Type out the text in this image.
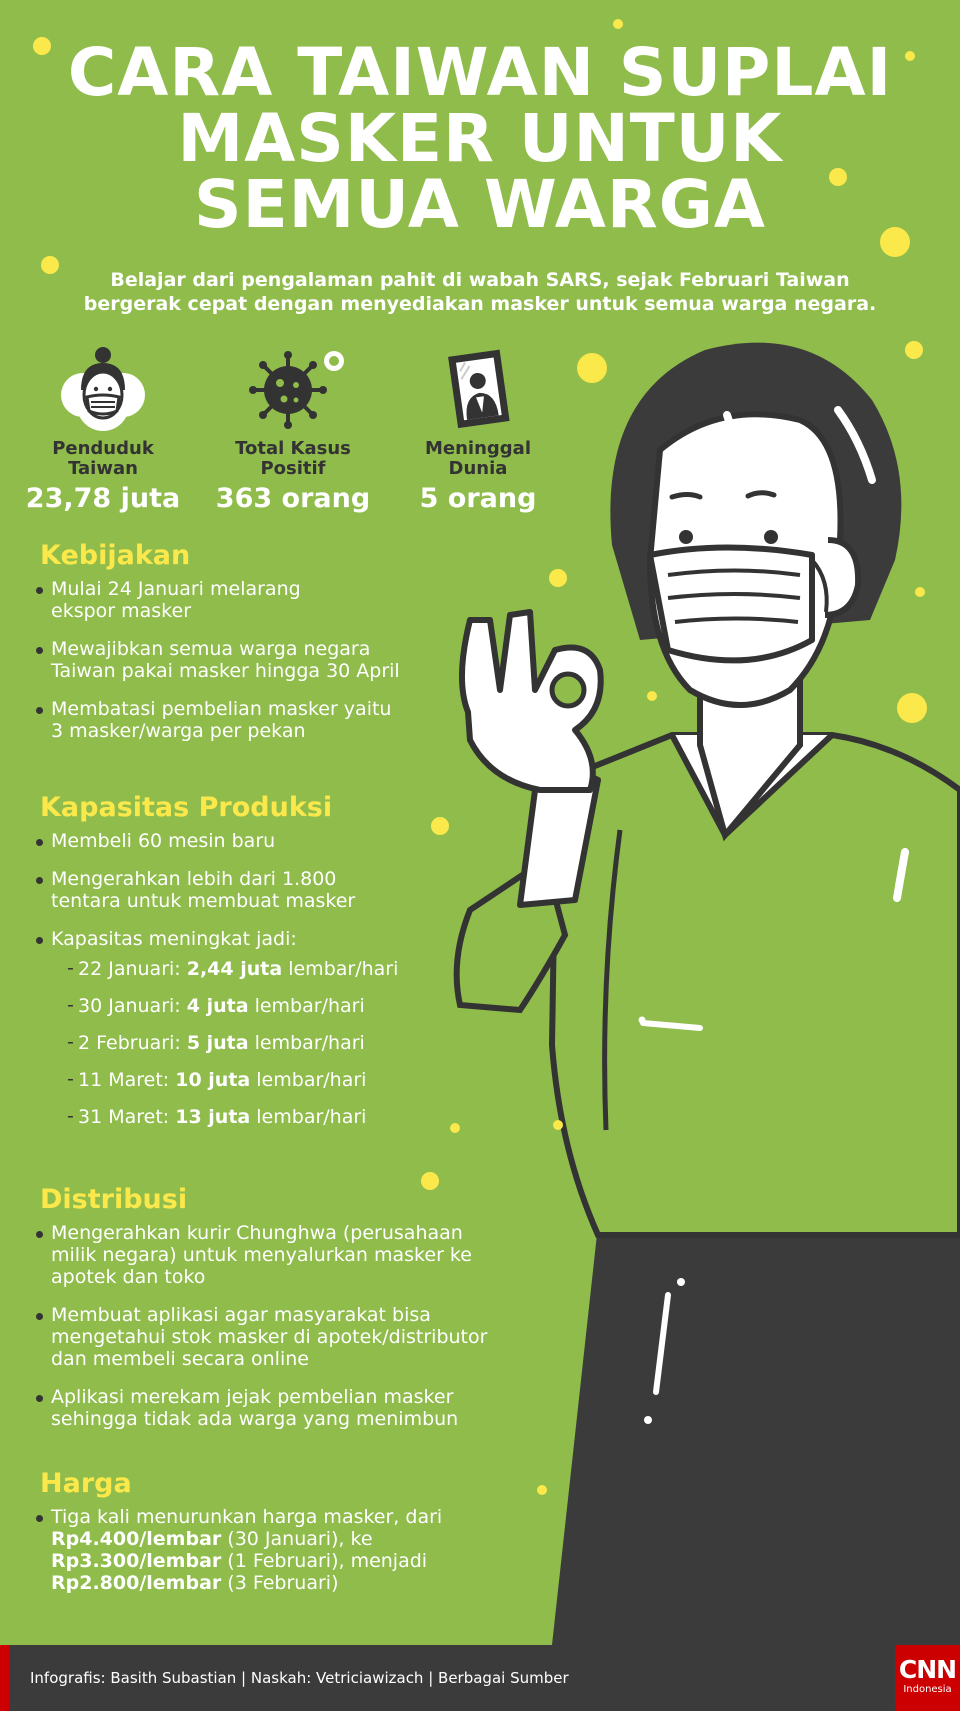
CARA TAIWAN SUPLAI
MASKER UNTUK
SEMUA WARGA
Belajar dari pengalaman pahit di wabah SARS, sejak Februari Taiwan bergerak cepat dengan menyediakan masker untuk semua warga negara.
Penduduk
Taiwan
23,78 juta
Total Kasus
Positif
363 orang
Meninggal
Dunia
5 orang
Kebijakan
Mulai 24 Januari melarang
ekspor masker
Mewajibkan semua warga negara
Taiwan pakai masker hingga 30 April
Membatasi pembelian masker yaitu
3 masker/warga per pekan
Kapasitas Produksi
Membeli 60 mesin baru
Mengerahkan lebih dari 1.800
tentara untuk membuat masker
Kapasitas meningkat jadi:
- 22 Januari: 2,44 juta lembar/hari
- 30 Januari: 4 juta lembar/hari
- 2 Februari: 5 juta lembar/hari
- 11 Maret: 10 juta lembar/hari
- 31 Maret: 13 juta lembar/hari
Distribusi
Mengerahkan kurir Chunghwa (perusahaan
milik negara) untuk menyalurkan masker ke
apotek dan toko
Membuat aplikasi agar masyarakat bisa
mengetahui stok masker di apotek/distributor
dan membeli secara online
Aplikasi merekam jejak pembelian masker
sehingga tidak ada warga yang menimbun
Harga
Tiga kali menurunkan harga masker, dari
Rp4.400/lembar (30 Januari), ke
Rp3.300/lembar (1 Februari), menjadi
Rp2.800/lembar (3 Februari)
Infografis: Basith Subastian | Naskah: Vetriciawizach | Berbagai Sumber	CNN
Indonesia
